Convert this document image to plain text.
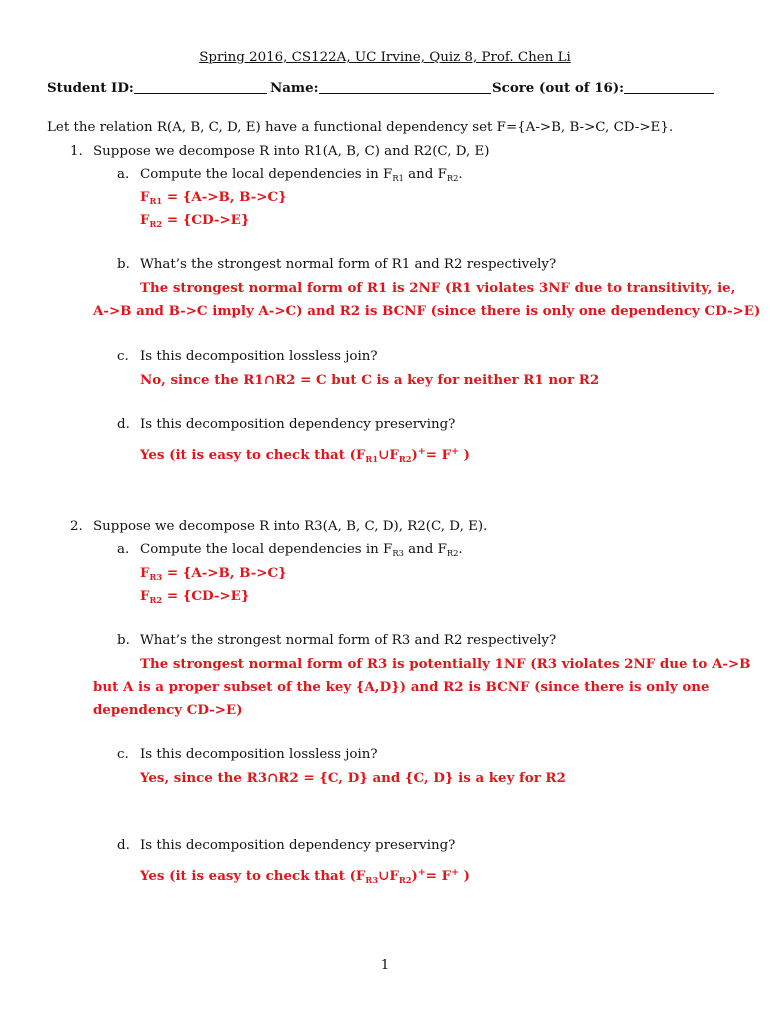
Spring 2016, CS122A, UC Irvine, Quiz 8, Prof. Chen Li
Student ID:	Name:	Score (out of 16):
Let the relation R(A, B, C, D, E) have a functional dependency set F={A->B, B->C, CD->E}.
1. Suppose we decompose R into R1(A, B, C) and R2(C, D, E)
a. Compute the local dependencies in $F_{R1}$ and $F_{R2}$.
$F_{R1} = \{A->B$, B->C}
$F_{R2} = \{CD->E\}$
b. What’s the strongest normal form of R1 and R2 respectively?
The strongest normal form of R1 is 2NF (R1 violates 3NF due to transitivity, ie,
A->B and B->C imply A->C) and R2 is BCNF (since there is only one dependency CD->E)
c. Is this decomposition lossless join?
No, since the R1∩R2 = C but C is a key for neither R1 nor R2
d. Is this decomposition dependency preserving?
Yes (it is easy to check that $(F_{R1}\cup F_{R2})^+= F^+$ )
2. Suppose we decompose R into R3(A, B, C, D), R2(C, D, E).
a. Compute the local dependencies in $F_{R3}$ and $F_{R2}$.
$F_{R3} = \{A->B$, B->C}
$F_{R2} = \{CD->E\}$
b. What’s the strongest normal form of R3 and R2 respectively?
The strongest normal form of R3 is potentially 1NF (R3 violates 2NF due to A->B
but A is a proper subset of the key {A,D}) and R2 is BCNF (since there is only one
dependency CD->E)
c. Is this decomposition lossless join?
Yes, since the R3∩R2 = {C, D} and {C, D} is a key for R2
d. Is this decomposition dependency preserving?
Yes (it is easy to check that $(F_{R3}\cup F_{R2})^+= F^+$ )
1
